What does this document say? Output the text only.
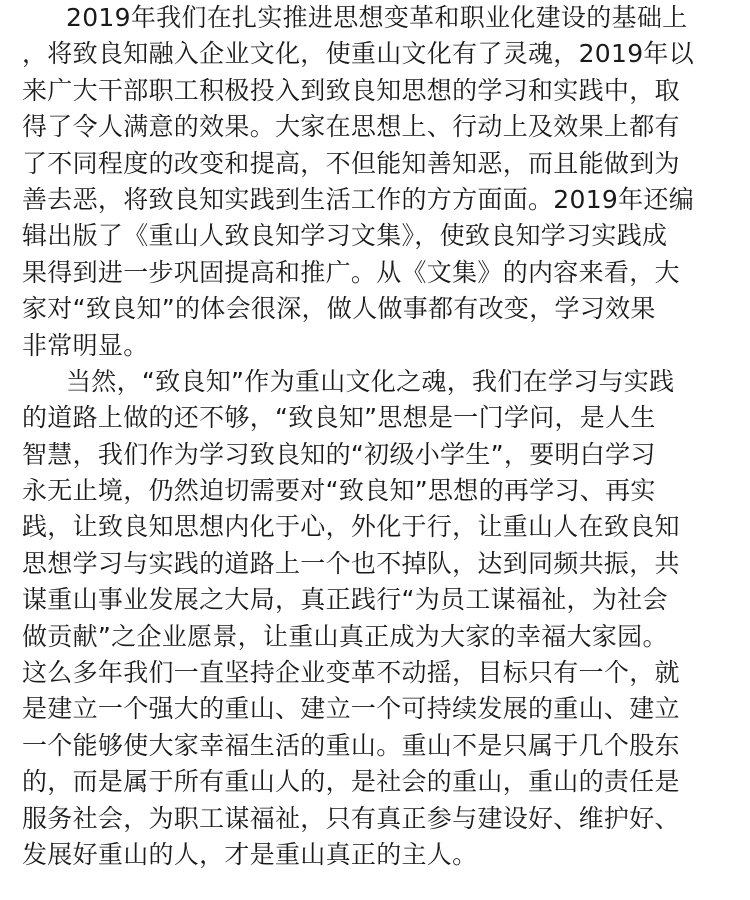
2019年我们在扎实推进思想变革和职业化建设的基础上
，将致良知融入企业文化，使重山文化有了灵魂，2019年以
来广大干部职工积极投入到致良知思想的学习和实践中，取
得了令人满意的效果。大家在思想上、行动上及效果上都有
了不同程度的改变和提高，不但能知善知恶，而且能做到为
善去恶，将致良知实践到生活工作的方方面面。2019年还编
辑出版了《重山人致良知学习文集》，使致良知学习实践成
果得到进一步巩固提高和推广。从《文集》的内容来看，大
家对“致良知”的体会很深，做人做事都有改变，学习效果
非常明显。
当然，“致良知”作为重山文化之魂，我们在学习与实践
的道路上做的还不够，“致良知”思想是一门学问，是人生
智慧，我们作为学习致良知的“初级小学生”，要明白学习
永无止境，仍然迫切需要对“致良知”思想的再学习、再实
践，让致良知思想内化于心，外化于行，让重山人在致良知
思想学习与实践的道路上一个也不掉队，达到同频共振，共
谋重山事业发展之大局，真正践行“为员工谋福祉，为社会
做贡献”之企业愿景，让重山真正成为大家的幸福大家园。
这么多年我们一直坚持企业变革不动摇，目标只有一个，就
是建立一个强大的重山、建立一个可持续发展的重山、建立
一个能够使大家幸福生活的重山。重山不是只属于几个股东
的，而是属于所有重山人的，是社会的重山，重山的责任是
服务社会，为职工谋福祉，只有真正参与建设好、维护好、
发展好重山的人，才是重山真正的主人。
